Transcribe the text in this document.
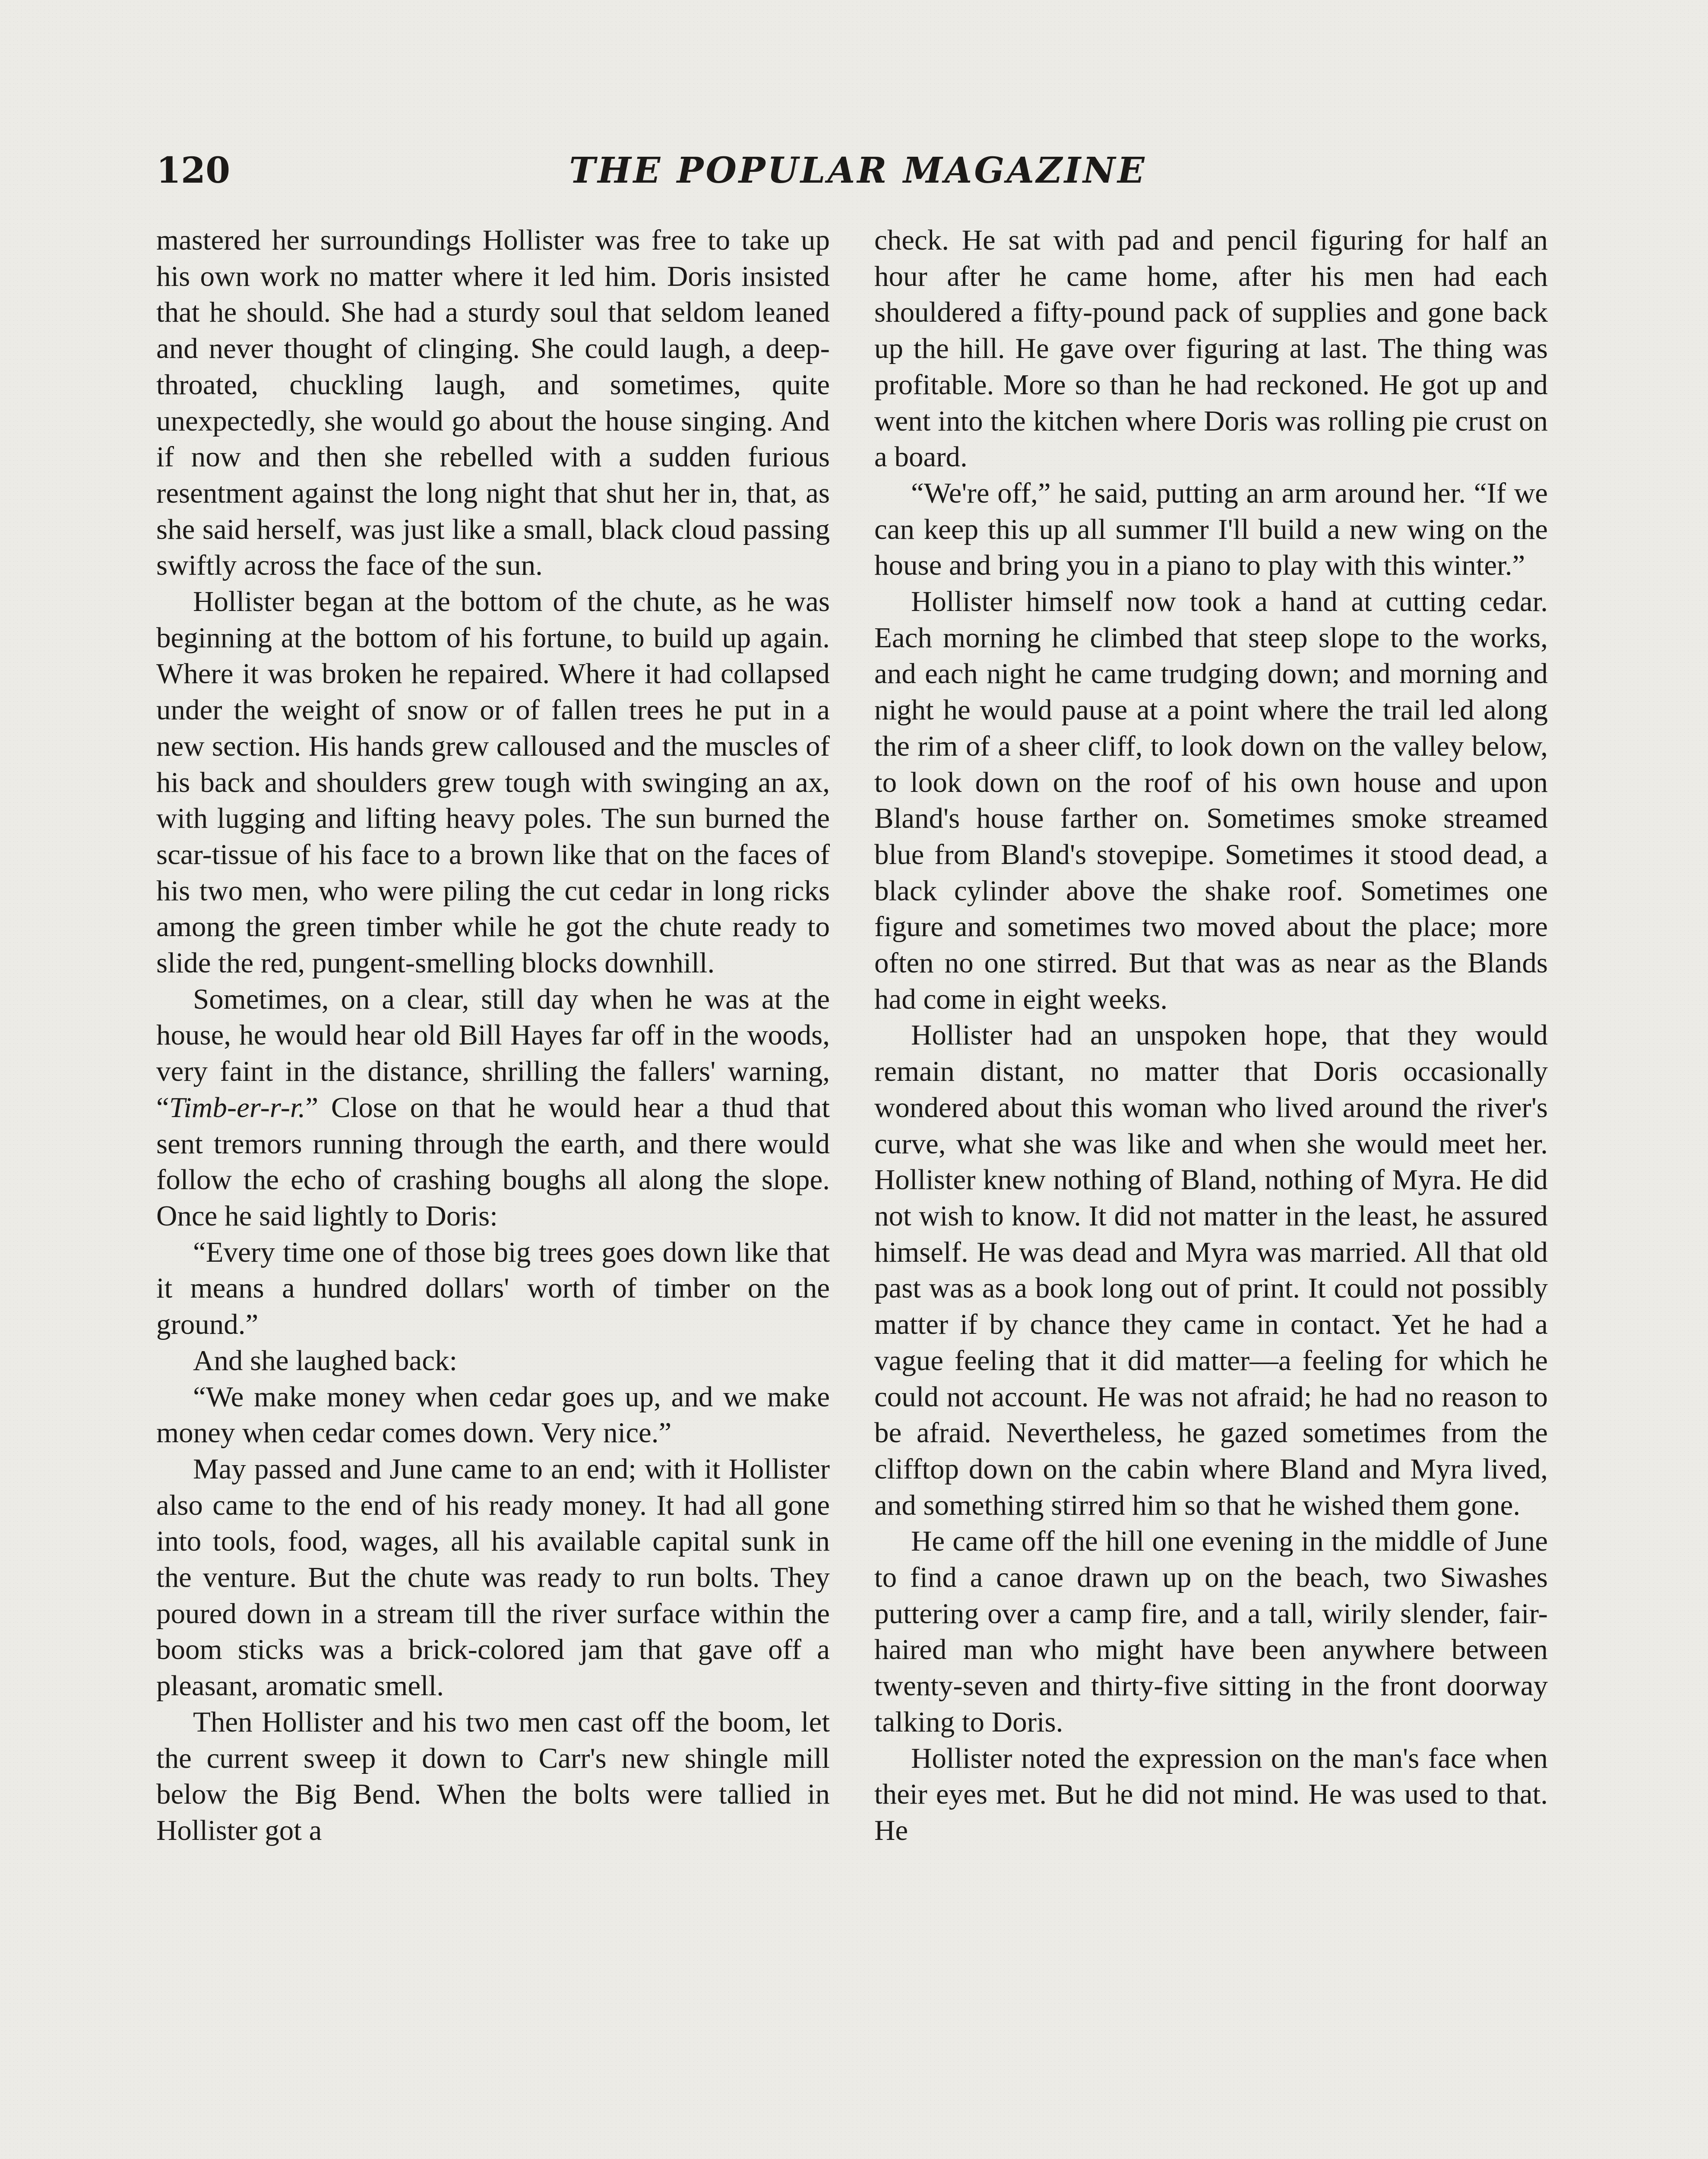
120	THE POPULAR MAGAZINE

mastered her surroundings Hollister was free to take up his own work no matter where it led him. Doris insisted that he should. She had a sturdy soul that seldom leaned and never thought of clinging. She could laugh, a deep-throated, chuckling laugh, and sometimes, quite unexpectedly, she would go about the house singing. And if now and then she rebelled with a sudden furious resentment against the long night that shut her in, that, as she said herself, was just like a small, black cloud passing swiftly across the face of the sun.

Hollister began at the bottom of the chute, as he was beginning at the bottom of his fortune, to build up again. Where it was broken he repaired. Where it had collapsed under the weight of snow or of fallen trees he put in a new section. His hands grew calloused and the muscles of his back and shoulders grew tough with swinging an ax, with lugging and lifting heavy poles. The sun burned the scar-tissue of his face to a brown like that on the faces of his two men, who were piling the cut cedar in long ricks among the green timber while he got the chute ready to slide the red, pungent-smelling blocks downhill.

Sometimes, on a clear, still day when he was at the house, he would hear old Bill Hayes far off in the woods, very faint in the distance, shrilling the fallers' warning, “Timb-er-r-r.” Close on that he would hear a thud that sent tremors running through the earth, and there would follow the echo of crashing boughs all along the slope. Once he said lightly to Doris:

“Every time one of those big trees goes down like that it means a hundred dollars' worth of timber on the ground.”

And she laughed back:

“We make money when cedar goes up, and we make money when cedar comes down. Very nice.”

May passed and June came to an end; with it Hollister also came to the end of his ready money. It had all gone into tools, food, wages, all his available capital sunk in the venture. But the chute was ready to run bolts. They poured down in a stream till the river surface within the boom sticks was a brick-colored jam that gave off a pleasant, aromatic smell.

Then Hollister and his two men cast off the boom, let the current sweep it down to Carr's new shingle mill below the Big Bend. When the bolts were tallied in Hollister got a

check. He sat with pad and pencil figuring for half an hour after he came home, after his men had each shouldered a fifty-pound pack of supplies and gone back up the hill. He gave over figuring at last. The thing was profitable. More so than he had reckoned. He got up and went into the kitchen where Doris was rolling pie crust on a board.

“We're off,” he said, putting an arm around her. “If we can keep this up all summer I'll build a new wing on the house and bring you in a piano to play with this winter.”

Hollister himself now took a hand at cutting cedar. Each morning he climbed that steep slope to the works, and each night he came trudging down; and morning and night he would pause at a point where the trail led along the rim of a sheer cliff, to look down on the valley below, to look down on the roof of his own house and upon Bland's house farther on. Sometimes smoke streamed blue from Bland's stovepipe. Sometimes it stood dead, a black cylinder above the shake roof. Sometimes one figure and sometimes two moved about the place; more often no one stirred. But that was as near as the Blands had come in eight weeks.

Hollister had an unspoken hope, that they would remain distant, no matter that Doris occasionally wondered about this woman who lived around the river's curve, what she was like and when she would meet her. Hollister knew nothing of Bland, nothing of Myra. He did not wish to know. It did not matter in the least, he assured himself. He was dead and Myra was married. All that old past was as a book long out of print. It could not possibly matter if by chance they came in contact. Yet he had a vague feeling that it did matter—a feeling for which he could not account. He was not afraid; he had no reason to be afraid. Nevertheless, he gazed sometimes from the clifftop down on the cabin where Bland and Myra lived, and something stirred him so that he wished them gone.

He came off the hill one evening in the middle of June to find a canoe drawn up on the beach, two Siwashes puttering over a camp fire, and a tall, wirily slender, fair-haired man who might have been anywhere between twenty-seven and thirty-five sitting in the front doorway talking to Doris.

Hollister noted the expression on the man's face when their eyes met. But he did not mind. He was used to that. He
